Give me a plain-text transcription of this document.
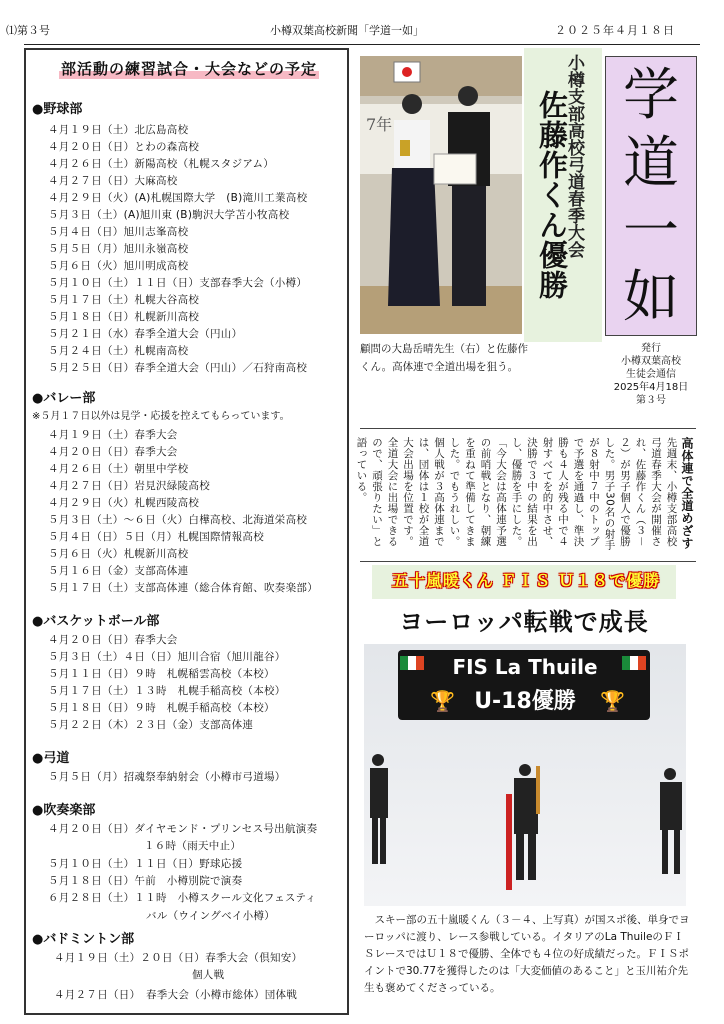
⑴第３号	小樽双葉高校新聞「学道一如」	２０２５年４月１８日
部活動の練習試合・大会などの予定
●野球部
４月１９日（土）北広島高校
４月２０日（日）とわの森高校
４月２６日（土）新陽高校（札幌スタジアム）
４月２７日（日）大麻高校
４月２９日（火）(A)札幌国際大学　(B)滝川工業高校
５月３日（土）(A)旭川東 (B)駒沢大学苫小牧高校
５月４日（日）旭川志峯高校
５月５日（月）旭川永嶺高校
５月６日（火）旭川明成高校
５月１０日（土）１１日（日）支部春季大会（小樽）
５月１７日（土）札幌大谷高校
５月１８日（日）札幌新川高校
５月２１日（水）春季全道大会（円山）
５月２４日（土）札幌南高校
５月２５日（日）春季全道大会（円山）／石狩南高校
●バレー部
※５月１７日以外は見学・応援を控えてもらっています。
４月１９日（土）春季大会
４月２０日（日）春季大会
４月２６日（土）朝里中学校
４月２７日（日）岩見沢緑陵高校
４月２９日（火）札幌西陵高校
５月３日（土）～６日（火）白樺高校、北海道栄高校
５月４日（日）５日（月）札幌国際情報高校
５月６日（火）札幌新川高校
５月１６日（金）支部高体連
５月１７日（土）支部高体連（総合体育館、吹奏楽部）
●バスケットボール部
４月２０日（日）春季大会
５月３日（土）４日（日）旭川合宿（旭川龍谷）
５月１１日（日）９時　札幌稲雲高校（本校）
５月１７日（土）１３時　札幌手稲高校（本校）
５月１８日（日）９時　札幌手稲高校（本校）
５月２２日（木）２３日（金）支部高体連
●弓道
５月５日（月）招魂祭奉納射会（小樽市弓道場）
●吹奏楽部
４月２０日（日）ダイヤモンド・プリンセス号出航演奏
１６時（雨天中止）
５月１０日（土）１１日（日）野球応援
５月１８日（日）午前　小樽別院で演奏
６月２８日（土）１１時　小樽スクール文化フェスティ
バル（ウイングベイ小樽）
●バドミントン部
４月１９日（土）２０日（日）春季大会（倶知安）
個人戦
４月２７日（日）　春季大会（小樽市総体）団体戦
7年
顧問の大島岳晴先生（右）と佐藤作くん。高体連で全道出場を狙う。
小樽支部高校弓道春季大会
佐藤作くん優勝 学
道
一
如
発行
小樽双葉高校
生徒会通信
2025年4月18日
第３号
高体連で全道めざす 先週末、小樽支部高校弓道春季大会が開催され、佐藤作くん（３－２）が男子個人で優勝した。男子30名の射手が８射中７中のトップで予選を通過し、準決勝も４人が残る中で４射すべてを的中させ、決勝で３中の結果を出し、優勝を手にした。「今大会は高体連予選の前哨戦となり、朝練を重ねて準備してきました。でもうれしい。個人戦が３高体連までは、団体は１校が全道大会出場を位置です。全道大会に出場できるので、頑張りたい」と語っている。
五十嵐暖くん ＦＩＳ Ｕ１８で優勝
ヨーロッパ転戦で成長
FIS La Thuile
U-18優勝
🏆	🏆
スキー部の五十嵐暖くん（３－４、上写真）が国スポ後、単身でヨーロッパに渡り、レース参戦している。イタリアのLa ThuileのＦＩＳレースではＵ１８で優勝、全体でも４位の好成績だった。ＦＩＳポイントで30.77を獲得したのは「大変価値のあること」と玉川祐介先生も褒めてくださっている。
